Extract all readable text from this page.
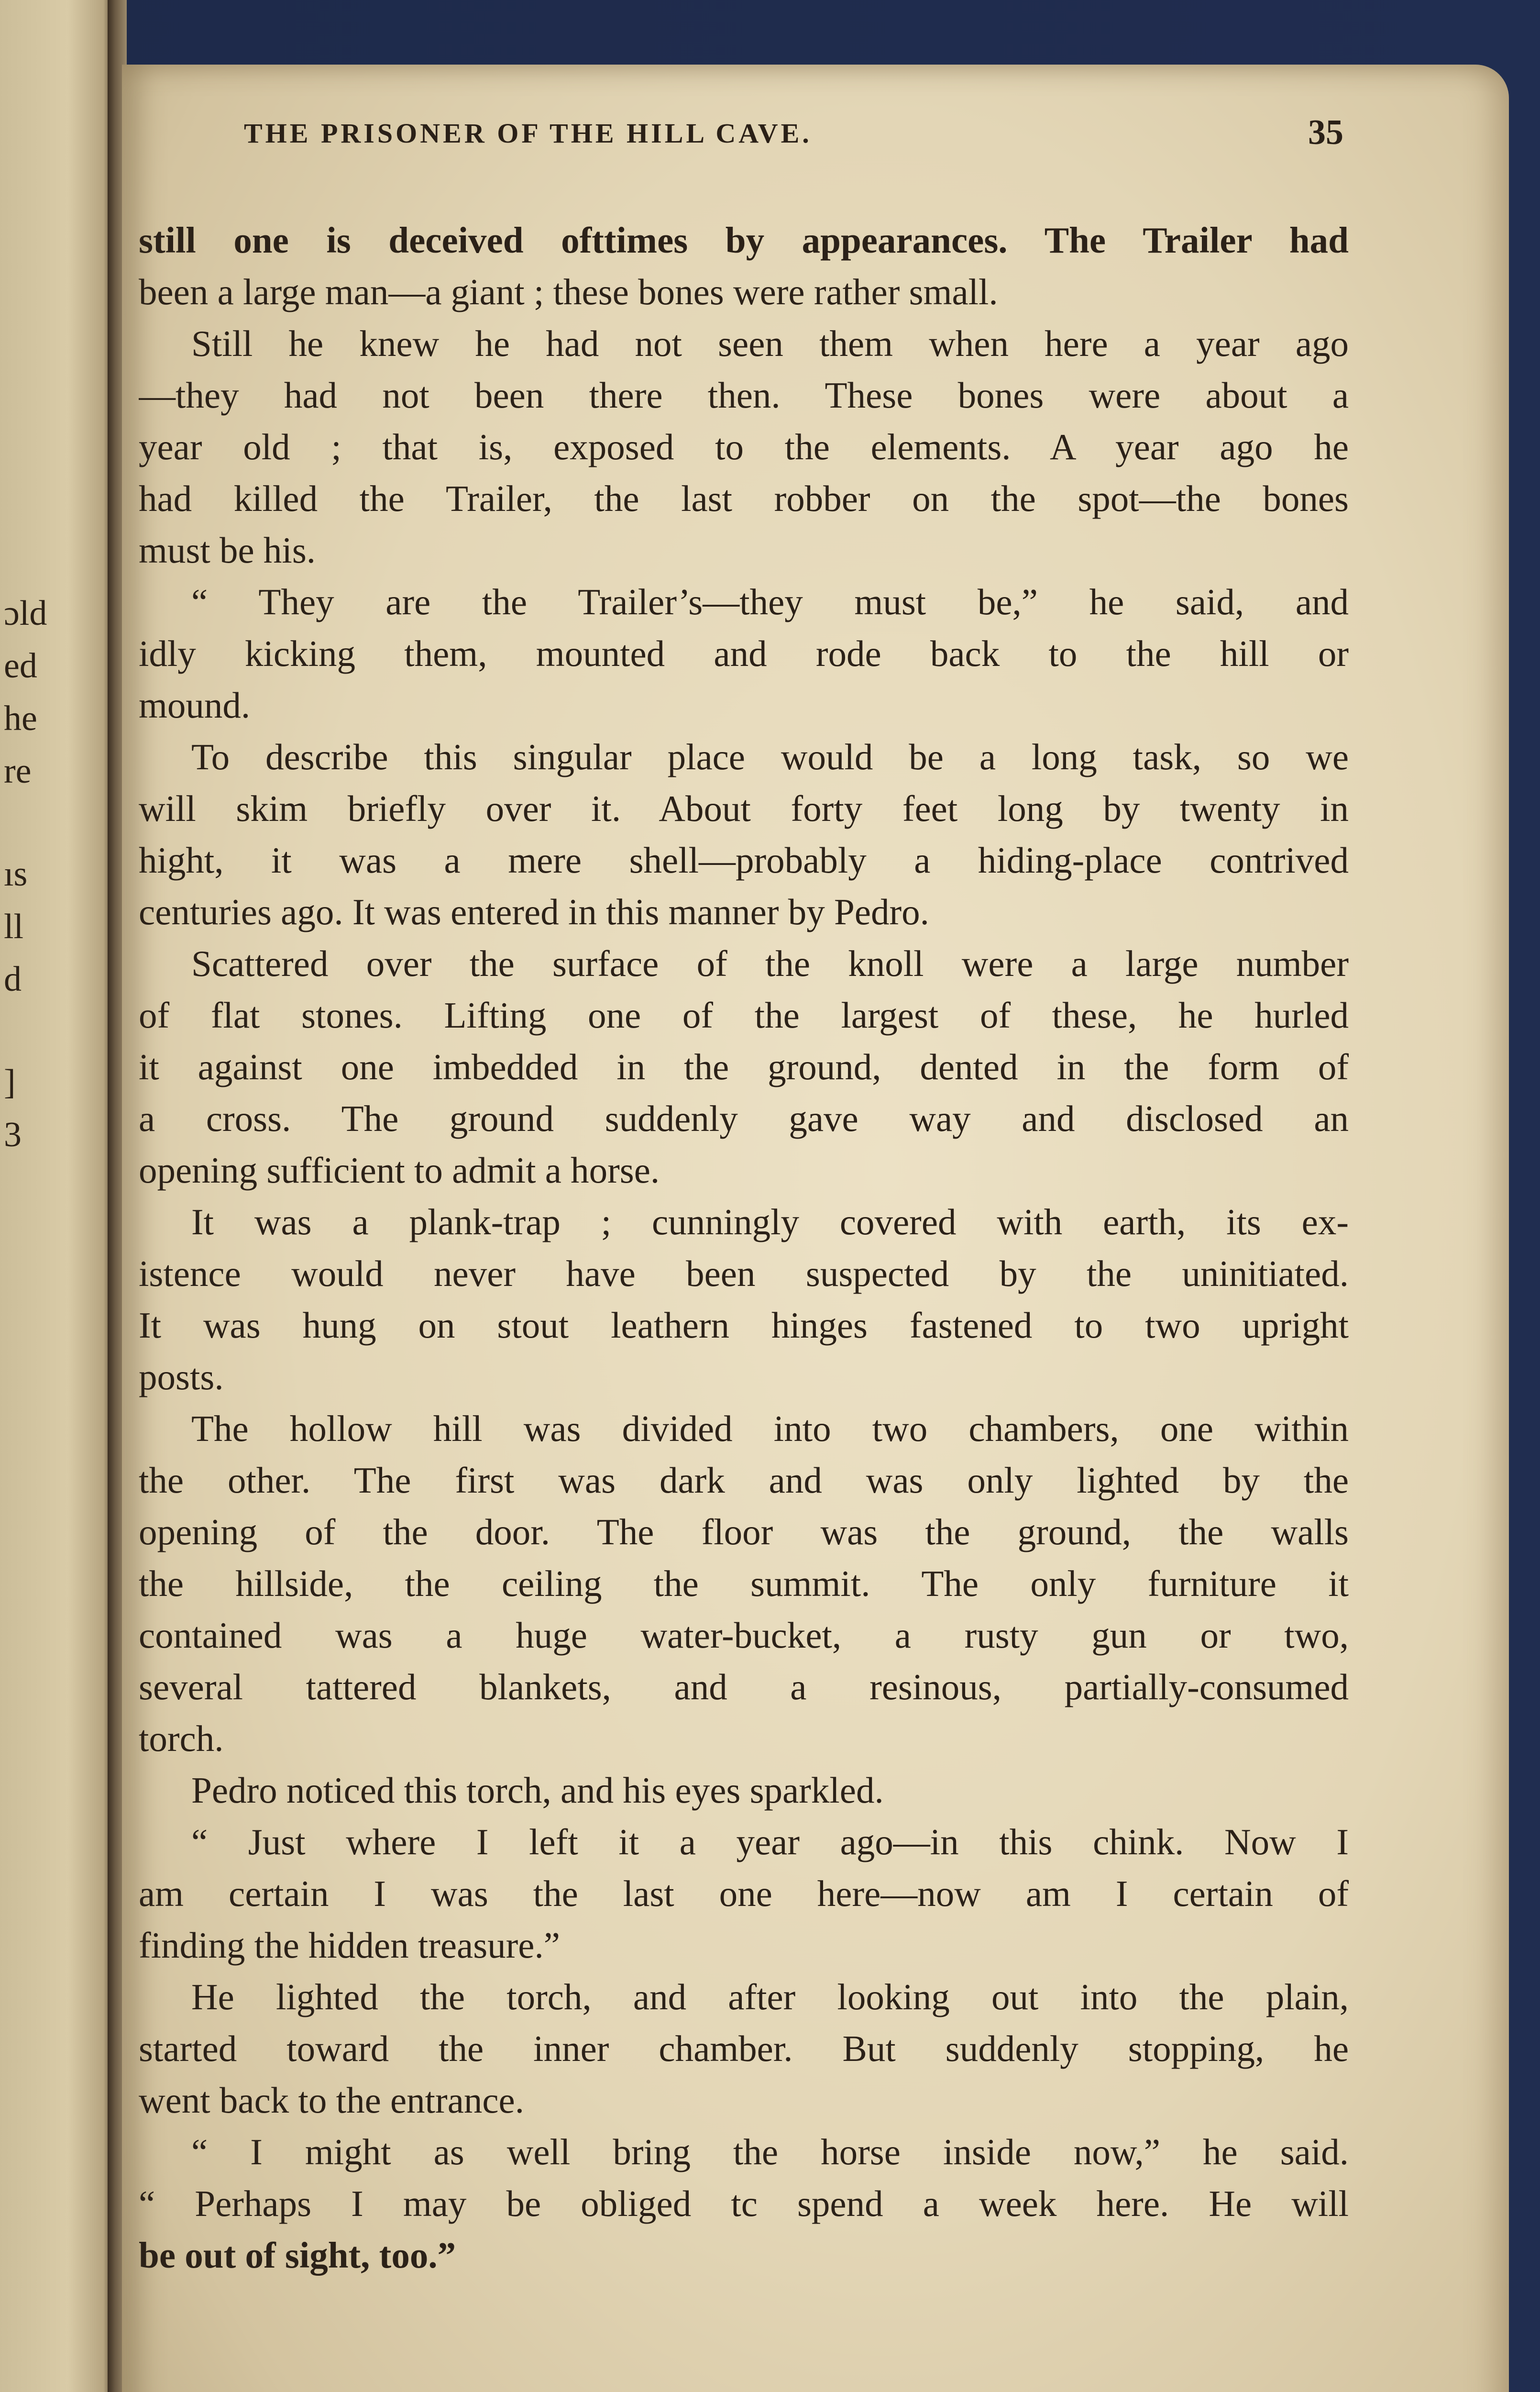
ɔld
ed
he
re
ıs
ll
d
]
3
THE PRISONER OF THE HILL CAVE.	35
still one is deceived ofttimes by appearances. The Trailer had
been a large man—a giant ; these bones were rather small.
Still he knew he had not seen them when here a year ago
—they had not been there then. These bones were about a
year old ; that is, exposed to the elements. A year ago he
had killed the Trailer, the last robber on the spot—the bones
must be his.
“ They are the Trailer’s—they must be,” he said, and
idly kicking them, mounted and rode back to the hill or
mound.
To describe this singular place would be a long task, so we
will skim briefly over it. About forty feet long by twenty in
hight, it was a mere shell—probably a hiding-place contrived
centuries ago. It was entered in this manner by Pedro.
Scattered over the surface of the knoll were a large number
of flat stones. Lifting one of the largest of these, he hurled
it against one imbedded in the ground, dented in the form of
a cross. The ground suddenly gave way and disclosed an
opening sufficient to admit a horse.
It was a plank-trap ; cunningly covered with earth, its ex-
istence would never have been suspected by the uninitiated.
It was hung on stout leathern hinges fastened to two upright
posts.
The hollow hill was divided into two chambers, one within
the other. The first was dark and was only lighted by the
opening of the door. The floor was the ground, the walls
the hillside, the ceiling the summit. The only furniture it
contained was a huge water-bucket, a rusty gun or two,
several tattered blankets, and a resinous, partially-consumed
torch.
Pedro noticed this torch, and his eyes sparkled.
“ Just where I left it a year ago—in this chink. Now I
am certain I was the last one here—now am I certain of
finding the hidden treasure.”
He lighted the torch, and after looking out into the plain,
started toward the inner chamber. But suddenly stopping, he
went back to the entrance.
“ I might as well bring the horse inside now,” he said.
“ Perhaps I may be obliged tc spend a week here. He will
be out of sight, too.”
